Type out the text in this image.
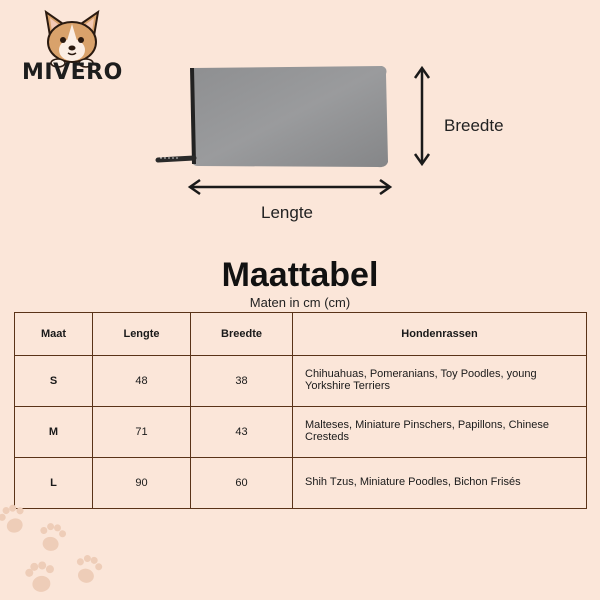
MIVERO
Breedte
Lengte
Maattabel
Maten in cm (cm)
Maat	Lengte	Breedte	Hondenrassen
S	48	38	Chihuahuas, Pomeranians, Toy Poodles, young Yorkshire Terriers
M	71	43	Malteses, Miniature Pinschers, Papillons, Chinese Cresteds
L	90	60	Shih Tzus, Miniature Poodles, Bichon Frisés
